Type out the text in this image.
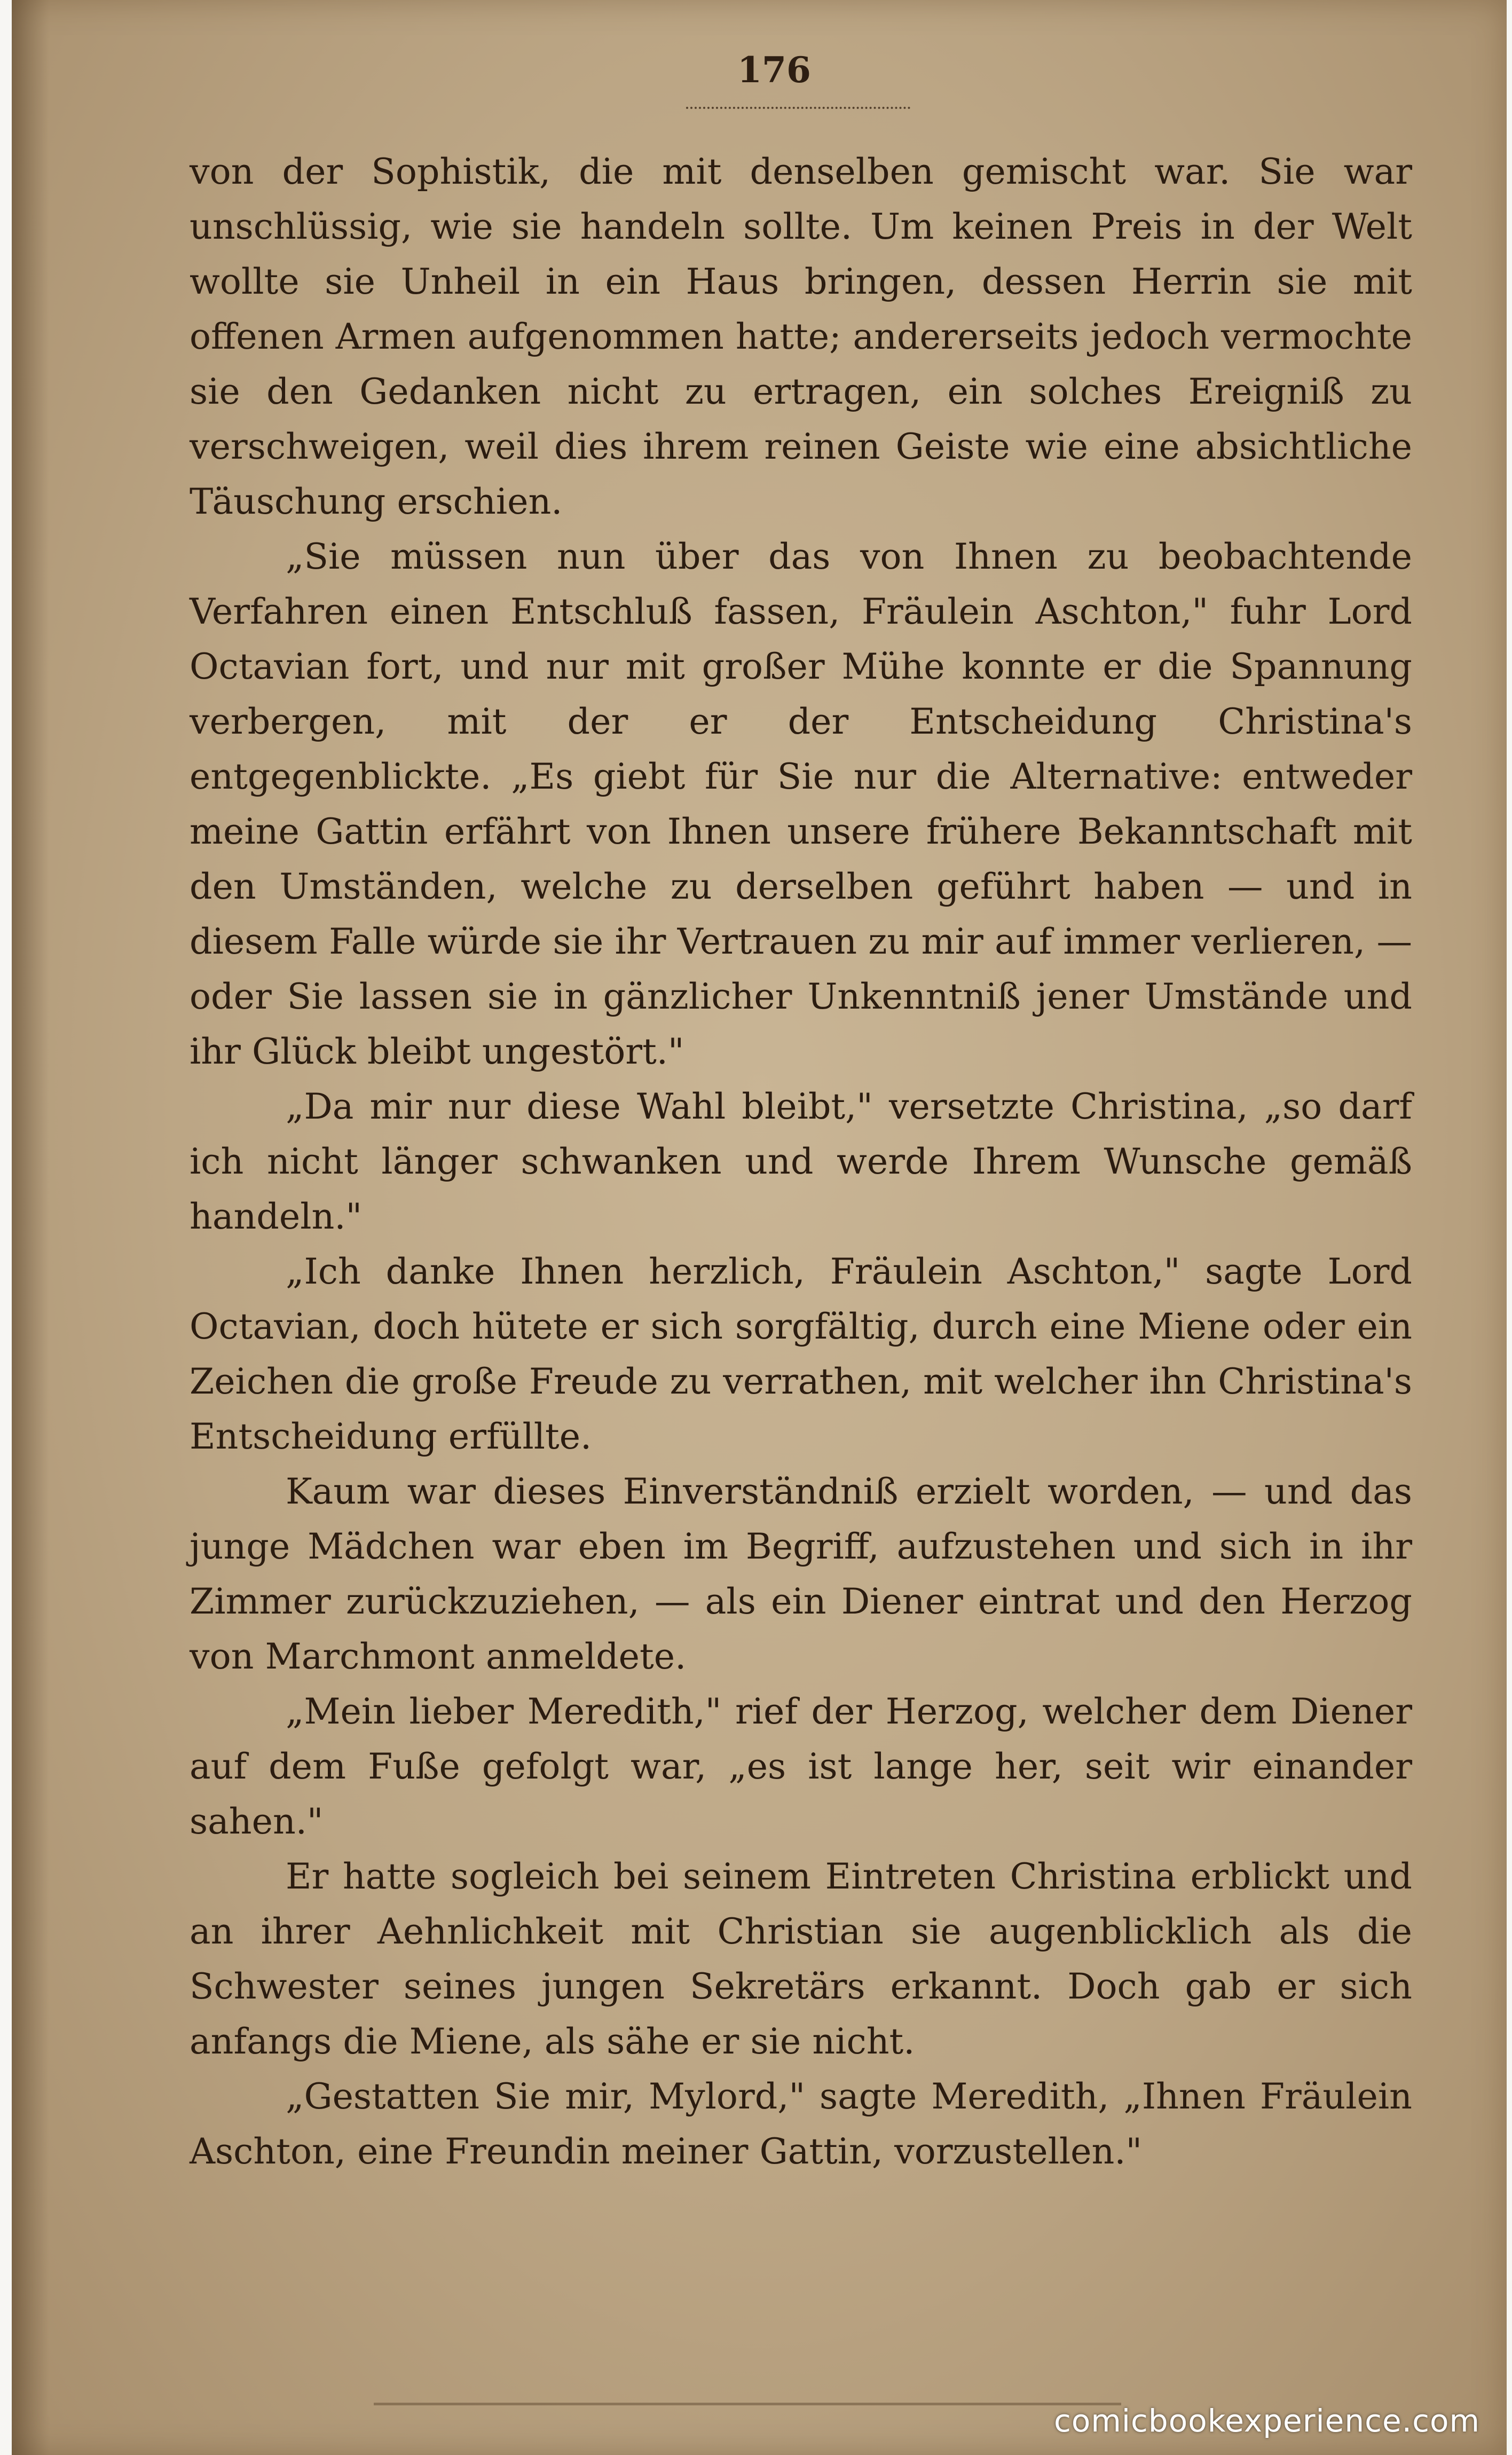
176

von der Sophistik, die mit denselben gemischt war. Sie war unschlüssig, wie sie handeln sollte. Um keinen Preis in der Welt wollte sie Unheil in ein Haus bringen, dessen Herrin sie mit offenen Armen aufgenommen hatte; andererseits jedoch vermochte sie den Gedanken nicht zu ertragen, ein solches Ereigniß zu verschweigen, weil dies ihrem reinen Geiste wie eine absichtliche Täuschung erschien.

„Sie müssen nun über das von Ihnen zu beobachtende Verfahren einen Entschluß fassen, Fräulein Aschton," fuhr Lord Octavian fort, und nur mit großer Mühe konnte er die Spannung verbergen, mit der er der Entscheidung Christina's entgegenblickte. „Es giebt für Sie nur die Alternative: entweder meine Gattin erfährt von Ihnen unsere frühere Bekanntschaft mit den Umständen, welche zu derselben geführt haben — und in diesem Falle würde sie ihr Vertrauen zu mir auf immer verlieren, — oder Sie lassen sie in gänzlicher Unkenntniß jener Umstände und ihr Glück bleibt ungestört."

„Da mir nur diese Wahl bleibt," versetzte Christina, „so darf ich nicht länger schwanken und werde Ihrem Wunsche gemäß handeln."

„Ich danke Ihnen herzlich, Fräulein Aschton," sagte Lord Octavian, doch hütete er sich sorgfältig, durch eine Miene oder ein Zeichen die große Freude zu verrathen, mit welcher ihn Christina's Entscheidung erfüllte.

Kaum war dieses Einverständniß erzielt worden, — und das junge Mädchen war eben im Begriff, aufzustehen und sich in ihr Zimmer zurückzuziehen, — als ein Diener eintrat und den Herzog von Marchmont anmeldete.

„Mein lieber Meredith," rief der Herzog, welcher dem Diener auf dem Fuße gefolgt war, „es ist lange her, seit wir einander sahen."

Er hatte sogleich bei seinem Eintreten Christina erblickt und an ihrer Aehnlichkeit mit Christian sie augenblicklich als die Schwester seines jungen Sekretärs erkannt. Doch gab er sich anfangs die Miene, als sähe er sie nicht.

„Gestatten Sie mir, Mylord," sagte Meredith, „Ihnen Fräulein Aschton, eine Freundin meiner Gattin, vorzustellen."

comicbookexperience.com
